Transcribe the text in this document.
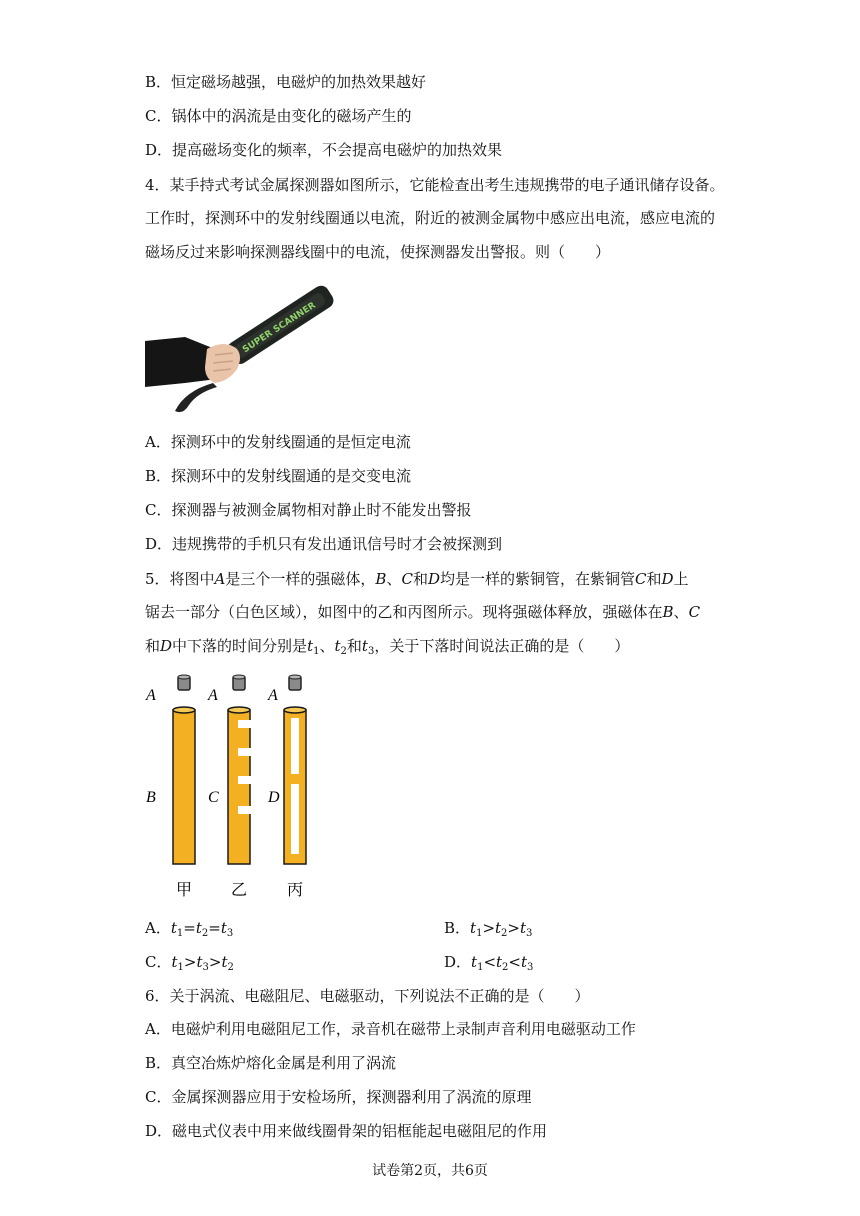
B．恒定磁场越强，电磁炉的加热效果越好
C．锅体中的涡流是由变化的磁场产生的
D．提高磁场变化的频率，不会提高电磁炉的加热效果
4．某手持式考试金属探测器如图所示，它能检查出考生违规携带的电子通讯储存设备。
工作时，探测环中的发射线圈通以电流，附近的被测金属物中感应出电流，感应电流的
磁场反过来影响探测器线圈中的电流，使探测器发出警报。则（　　）
SUPER SCANNER
A．探测环中的发射线圈通的是恒定电流
B．探测环中的发射线圈通的是交变电流
C．探测器与被测金属物相对静止时不能发出警报
D．违规携带的手机只有发出通讯信号时才会被探测到
5．将图中A是三个一样的强磁体，B、C和D均是一样的紫铜管，在紫铜管C和D上
锯去一部分（白色区域），如图中的乙和丙图所示。现将强磁体释放，强磁体在B、C
和D中下落的时间分别是$t_1$、$t_2$和$t_3$，关于下落时间说法正确的是（　　）
A	A	A
B	C	D
甲 乙 丙
A．$t_1=t_2=t_3$	B．$t_1>t_2>t_3$
C．$t_1>t_3>t_2$	D．$t_1<t_2<t_3$
6．关于涡流、电磁阻尼、电磁驱动，下列说法不正确的是（　　）
A．电磁炉利用电磁阻尼工作，录音机在磁带上录制声音利用电磁驱动工作
B．真空冶炼炉熔化金属是利用了涡流
C．金属探测器应用于安检场所，探测器利用了涡流的原理
D．磁电式仪表中用来做线圈骨架的铝框能起电磁阻尼的作用
试卷第2页，共6页
